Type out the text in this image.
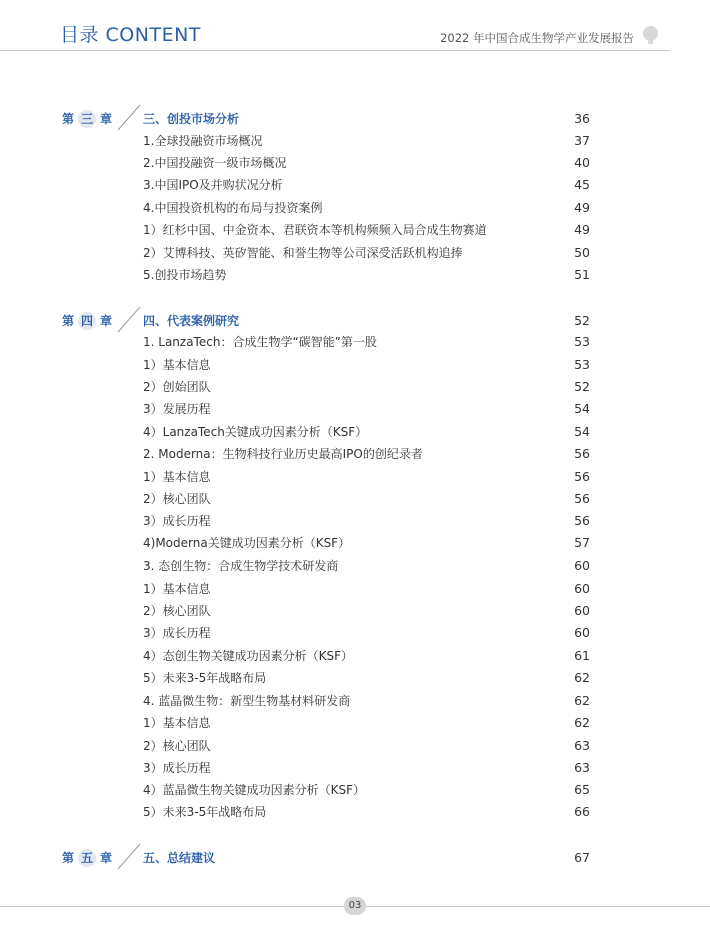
目录 CONTENT	2022 年中国合成生物学产业发展报告
第 三 章	三、创投市场分析	36
1.全球投融资市场概况	37
2.中国投融资一级市场概况	40
3.中国IPO及并购状况分析	45
4.中国投资机构的布局与投资案例	49
1）红杉中国、中金资本、君联资本等机构频频入局合成生物赛道	49
2）艾博科技、英矽智能、和誉生物等公司深受活跃机构追捧	50
5.创投市场趋势	51
第 四 章	四、代表案例研究	52
1. LanzaTech：合成生物学“碳智能”第一股	53
1）基本信息	53
2）创始团队	52
3）发展历程	54
4）LanzaTech关键成功因素分析（KSF）	54
2. Moderna：生物科技行业历史最高IPO的创纪录者	56
1）基本信息	56
2）核心团队	56
3）成长历程	56
4)Moderna关键成功因素分析（KSF）	57
3. 态创生物：合成生物学技术研发商	60
1）基本信息	60
2）核心团队	60
3）成长历程	60
4）态创生物关键成功因素分析（KSF）	61
5）未来3-5年战略布局	62
4. 蓝晶微生物：新型生物基材料研发商	62
1）基本信息	62
2）核心团队	63
3）成长历程	63
4）蓝晶微生物关键成功因素分析（KSF）	65
5）未来3-5年战略布局	66
第 五 章	五、总结建议	67
03
